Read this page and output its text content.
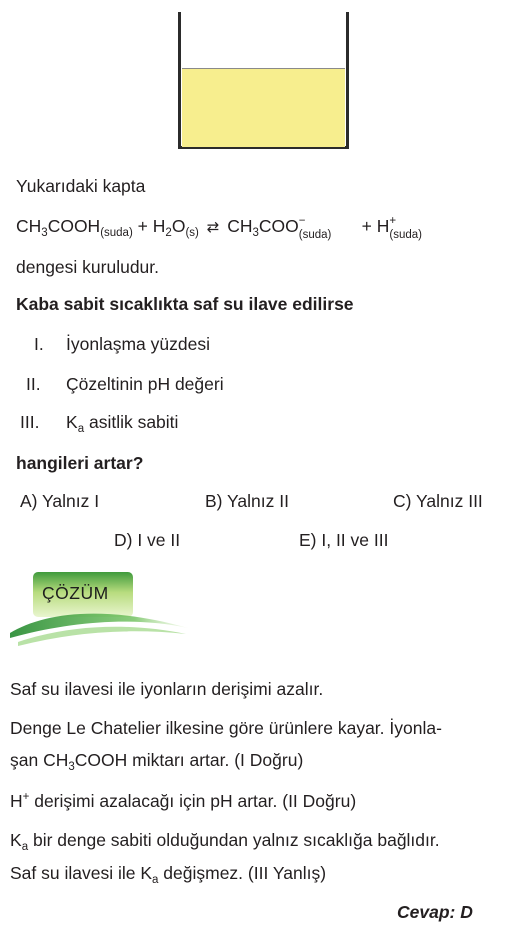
Yukarıdaki kapta
$CH_3COOH_{(suda)} + H_2O_{(s)}$ ⇄ $CH_3COO$ −
(suda) + H +
(suda)
dengesi kuruludur.
Kaba sabit sıcaklıkta saf su ilave edilirse
I. İyonlaşma yüzdesi
II. Çözeltinin pH değeri
III. $K_a$ asitlik sabiti
hangileri artar?
A) Yalnız I	B) Yalnız II	C) Yalnız III
D) I ve II	E) I, II ve III
ÇÖZÜM
Saf su ilavesi ile iyonların derişimi azalır.
Denge Le Chatelier ilkesine göre ürünlere kayar. İyonla-
şan $CH_3COOH$ miktarı artar. (I Doğru)
H+ derişimi azalacağı için pH artar. (II Doğru)
$K_a$ bir denge sabiti olduğundan yalnız sıcaklığa bağlıdır.
Saf su ilavesi ile $K_a$ değişmez. (III Yanlış)
Cevap: D
